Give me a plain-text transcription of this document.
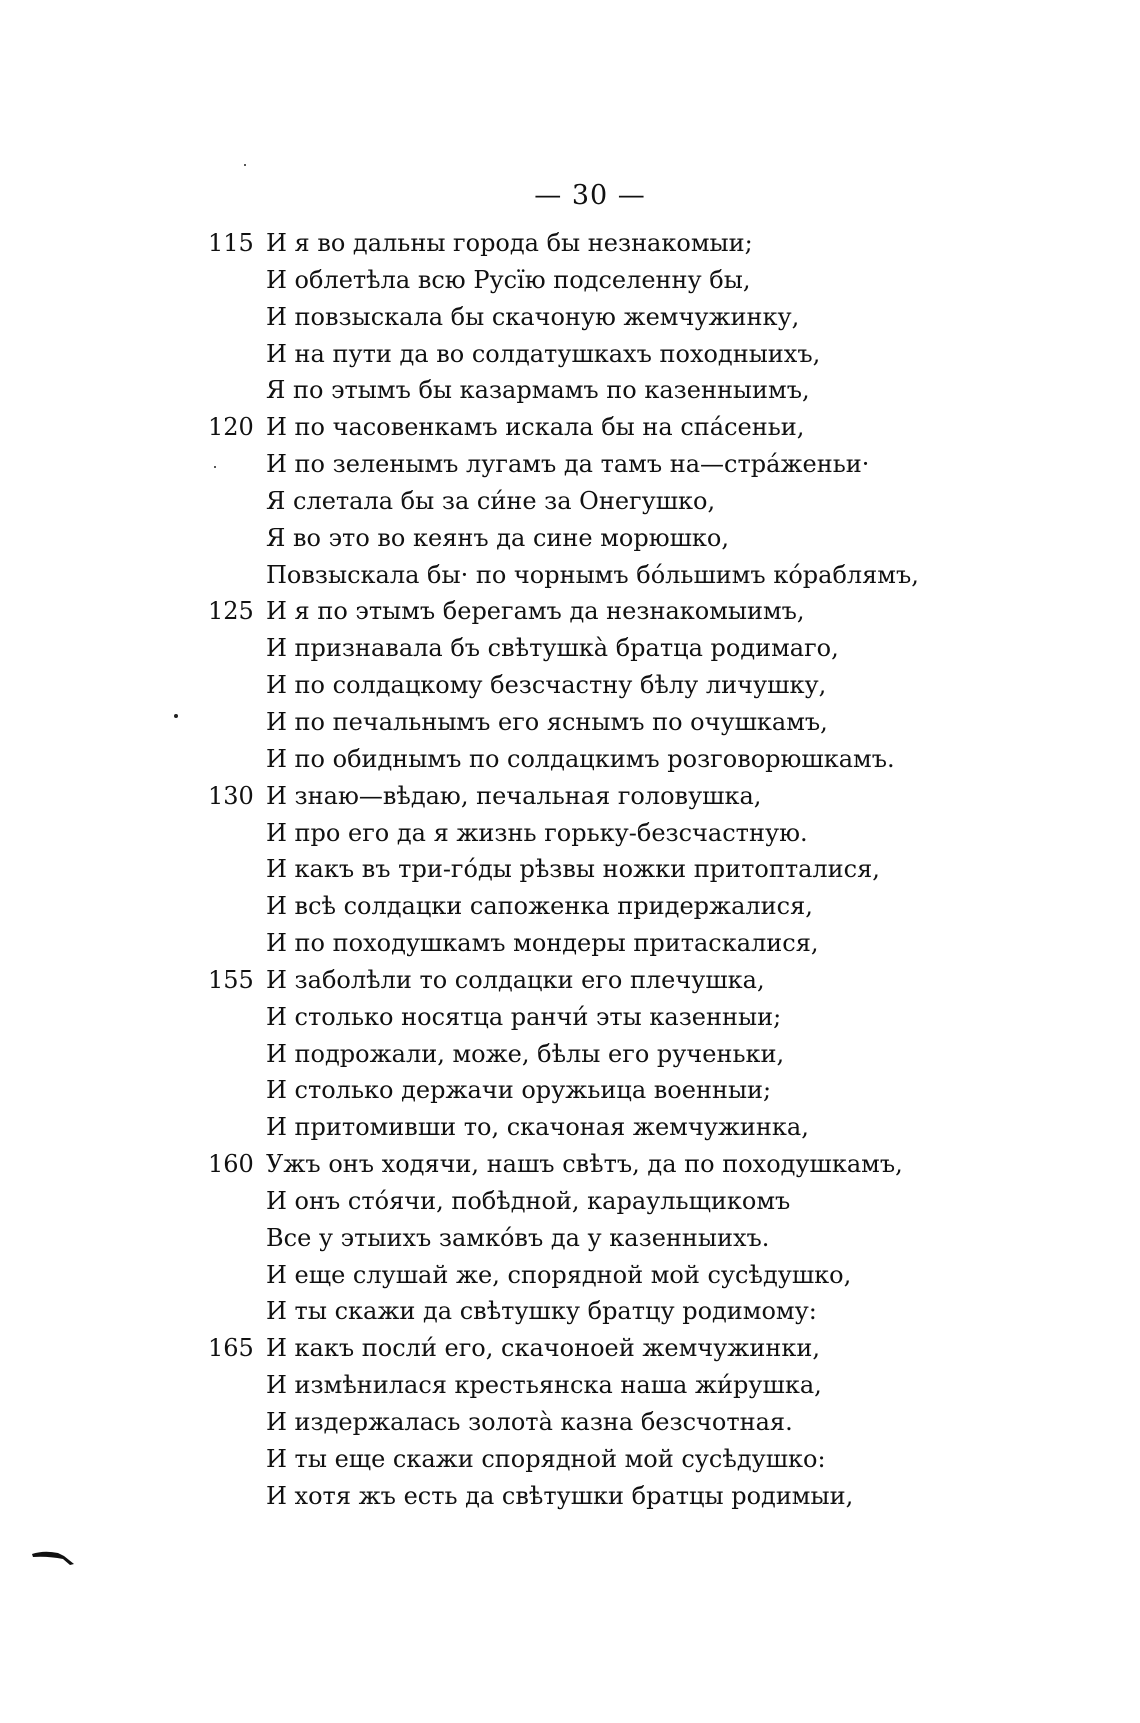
— 30 —
115 И я во дальны города бы незнакомыи;
И облетѣла всю Русїю подселенну бы,
И повзыскала бы скачоную жемчужинку,
И на пути да во солдатушкахъ походныихъ,
Я по этымъ бы казармамъ по казенныимъ,
120 И по часовенкамъ искала бы на спа́сеньи,
И по зеленымъ лугамъ да тамъ на—стра́женьи·
Я слетала бы за си́не за Онегушко,
Я во это во кеянъ да сине морюшко,
Повзыскала бы· по чорнымъ бо́льшимъ ко́раблямъ,
125 И я по этымъ берегамъ да незнакомыимъ,
И признавала бъ свѣтушка̀ братца родимаго,
И по солдацкому безсчастну бѣлу личушку,
И по печальнымъ его яснымъ по очушкамъ,
И по обиднымъ по солдацкимъ розговорюшкамъ.
130 И знаю—вѣдаю, печальная головушка,
И про его да я жизнь горьку-безсчастную.
И какъ въ три-го́ды рѣзвы ножки притопталися,
И всѣ солдацки сапоженка придержалися,
И по походушкамъ мондеры притаскалися,
155 И заболѣли то солдацки его плечушка,
И столько носятца ранчи́ эты казенныи;
И подрожали, може, бѣлы его рученьки,
И столько держачи оружьица военныи;
И притомивши то, скачоная жемчужинка,
160 Ужъ онъ ходячи, нашъ свѣтъ, да по походушкамъ,
И онъ сто́ячи, побѣдной, караульщикомъ
Все у этыихъ замко́въ да у казенныихъ.
И еще слушай же, спорядной мой сусѣдушко,
И ты скажи да свѣтушку братцу родимому:
165 И какъ посли́ его, скачоноей жемчужинки,
И измѣнилася крестьянска наша жи́рушка,
И издержалась золота̀ казна безсчотная.
И ты еще скажи спорядной мой сусѣдушко:
И хотя жъ есть да свѣтушки братцы родимыи,
